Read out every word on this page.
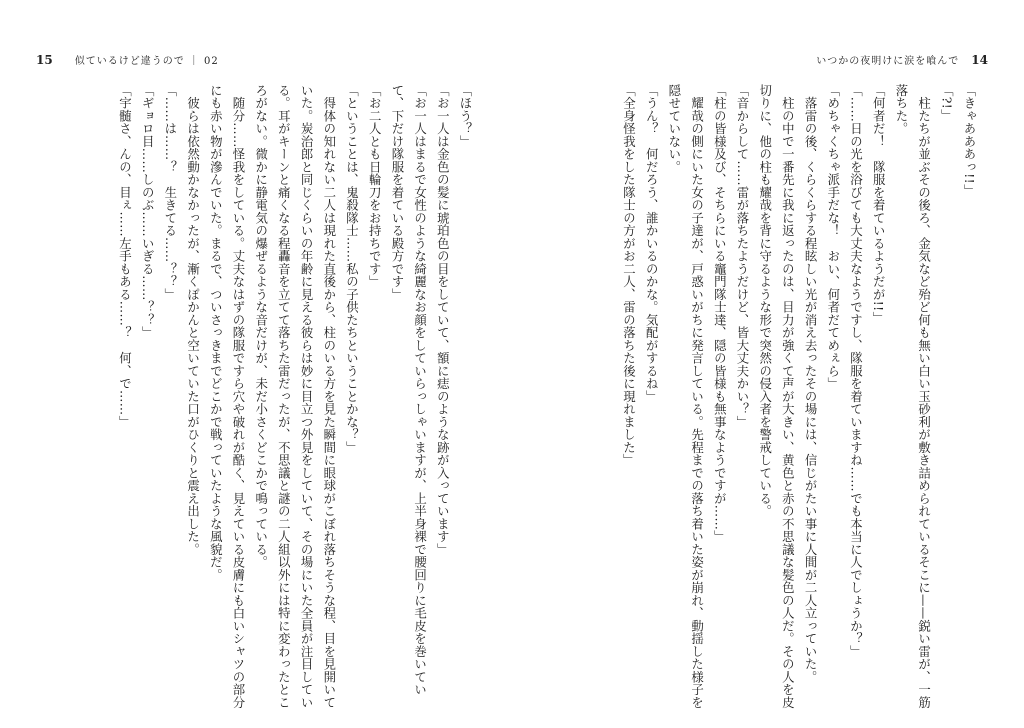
15 似ているけど違うので ｜ 02
「ほう？」
「お一人は金色の髪に琥珀色の目をしていて、額に痣のような跡が入っています」
「お一人はまるで女性のような綺麗なお顔をしていらっしゃいますが、上半身裸で腰回りに毛皮を巻いてい
て、下だけ隊服を着ている殿方です」
「お二人とも日輪刀をお持ちです」
「ということは、鬼殺隊士……私の子供たちということかな？」
　得体の知れない二人は現れた直後から、柱のいる方を見た瞬間に眼球がこぼれ落ちそうな程、目を見開いて
いた。炭治郎と同じくらいの年齢に見える彼らは妙に目立つ外見をしていて、その場にいた全員が注目してい
る。耳がキーンと痛くなる程轟音を立てて落ちた雷だったが、不思議と謎の二人組以外には特に変わったとこ
ろがない。微かに静電気の爆ぜるような音だけが、未だ小さくどこかで鳴っている。
　随分……怪我をしている。丈夫なはずの隊服ですら穴や破れが酷く、見えている皮膚にも白いシャツの部分
にも赤い物が滲んでいた。まるで、ついさっきまでどこかで戦っていたような風貌だ。
　彼らは依然動かなかったが、漸くぽかんと空いていた口がひくりと震え出した。
「……は……？　生きてる……？？」
「ギョロ目……しのぶ……いぎる……？？」
「宇髄さ、んの、目ぇ……左手もある……？　何、で……」
いつかの夜明けに涙を喰んで 14
「きゃあああっ!!」
「?!」
　柱たちが並ぶその後ろ、金気など殆ど何も無い白い玉砂利が敷き詰められているそこに——鋭い雷が、一筋
落ちた。
「何者だ！　隊服を着ているようだが!!」
「……日の光を浴びても大丈夫なようですし、隊服を着ていますね……でも本当に人でしょうか？」
「めちゃくちゃ派手だな！　おい、何者だてめぇら」
　落雷の後、くらくらする程眩しい光が消え去ったその場には、信じがたい事に人間が二人立っていた。
　柱の中で一番先に我に返ったのは、目力が強くて声が大きい、黄色と赤の不思議な髪色の人だ。その人を皮
切りに、他の柱も耀哉を背に守るような形で突然の侵入者を警戒している。
「音からして……雷が落ちたようだけど、皆大丈夫かい？」
「柱の皆様及び、そちらにいる竈門隊士達、隠の皆様も無事なようですが……」
　耀哉の側にいた女の子達が、戸惑いがちに発言している。先程までの落ち着いた姿が崩れ、動揺した様子を
隠せていない。
「うん？　何だろう、誰かいるのかな。気配がするね」
「全身怪我をした隊士の方がお二人、雷の落ちた後に現れました」
